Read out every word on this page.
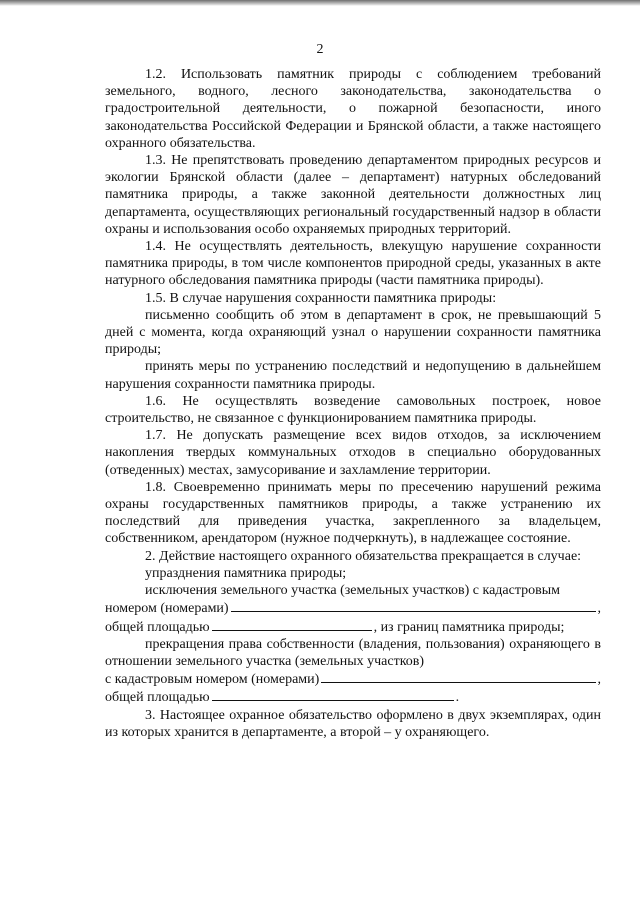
2

1.2. Использовать памятник природы с соблюдением требований земельного, водного, лесного законодательства, законодательства о градостроительной деятельности, о пожарной безопасности, иного законодательства Российской Федерации и Брянской области, а также настоящего охранного обязательства.

1.3. Не препятствовать проведению департаментом природных ресурсов и экологии Брянской области (далее – департамент) натурных обследований памятника природы, а также законной деятельности должностных лиц департамента, осуществляющих региональный государственный надзор в области охраны и использования особо охраняемых природных территорий.

1.4. Не осуществлять деятельность, влекущую нарушение сохранности памятника природы, в том числе компонентов природной среды, указанных в акте натурного обследования памятника природы (части памятника природы).

1.5. В случае нарушения сохранности памятника природы:

письменно сообщить об этом в департамент в срок, не превышающий 5 дней с момента, когда охраняющий узнал о нарушении сохранности памятника природы;

принять меры по устранению последствий и недопущению в дальнейшем нарушения сохранности памятника природы.

1.6. Не осуществлять возведение самовольных построек, новое строительство, не связанное с функционированием памятника природы.

1.7. Не допускать размещение всех видов отходов, за исключением накопления твердых коммунальных отходов в специально оборудованных (отведенных) местах, замусоривание и захламление территории.

1.8. Своевременно принимать меры по пресечению нарушений режима охраны государственных памятников природы, а также устранению их последствий для приведения участка, закрепленного за владельцем, собственником, арендатором (нужное подчеркнуть), в надлежащее состояние.

2. Действие настоящего охранного обязательства прекращается в случае:

упразднения памятника природы;

исключения земельного участка (земельных участков) с кадастровым

номером (номерами)	,
общей площадью	, из границ памятника природы;

прекращения права собственности (владения, пользования) охраняющего в отношении земельного участка (земельных участков)

с кадастровым номером (номерами)	,
общей площадью	.

3. Настоящее охранное обязательство оформлено в двух экземплярах, один из которых хранится в департаменте, а второй – у охраняющего.
